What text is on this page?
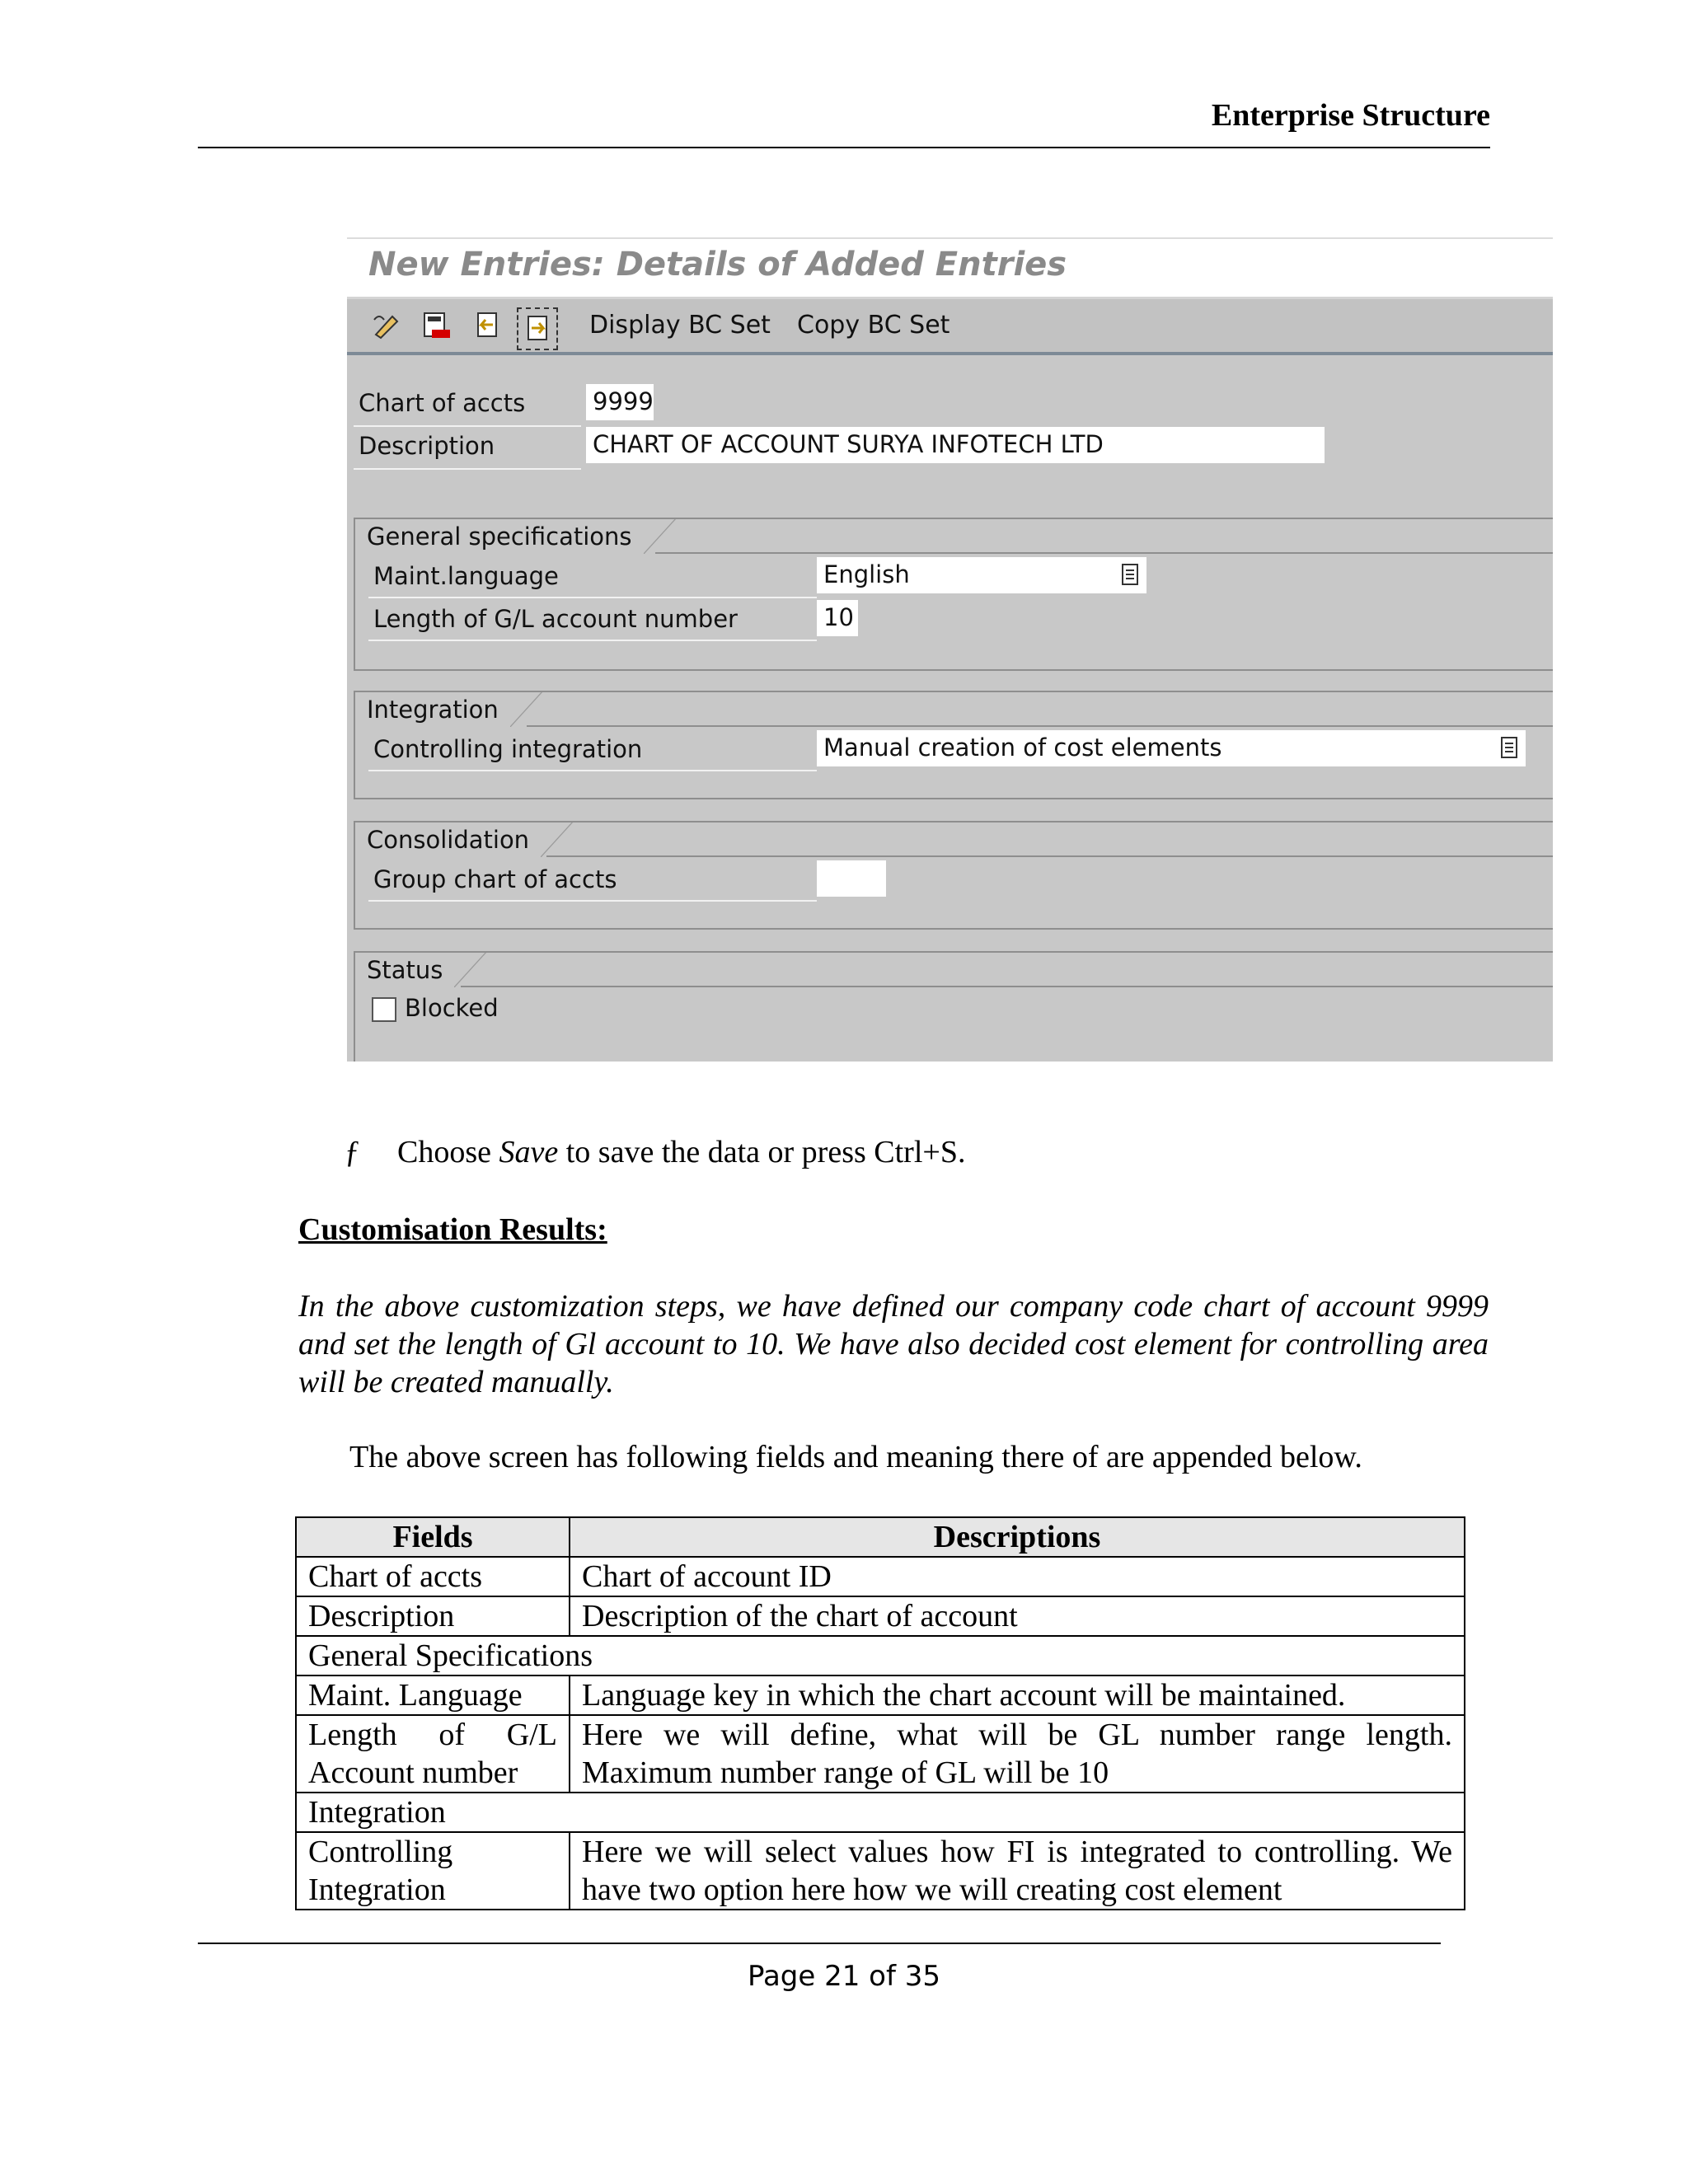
Enterprise Structure
New Entries: Details of Added Entries
Display BC Set Copy BC Set
Chart of accts	9999
Description	CHART OF ACCOUNT SURYA INFOTECH LTD
General specifications
Maint.language	English
Length of G/L account number	10
Integration
Controlling integration	Manual creation of cost elements
Consolidation
Group chart of accts
Status
Blocked
ƒ Choose Save to save the data or press Ctrl+S.
Customisation Results:
In the above customization steps, we have defined our company code chart of account 9999 and set the length of Gl account to 10. We have also decided cost element for controlling area will be created manually.
The above screen has following fields and meaning there of are appended below.
Fields	Descriptions
Chart of accts	Chart of account ID
Description	Description of the chart of account
General Specifications	
Maint. Language	Language key in which the chart account will be maintained.
Length of G/L Account number	Here we will define, what will be GL number range length. Maximum number range of GL will be 10
Integration	
Controlling Integration	Here we will select values how FI is integrated to controlling. We have two option here how we will creating cost element
Page 21 of 35
